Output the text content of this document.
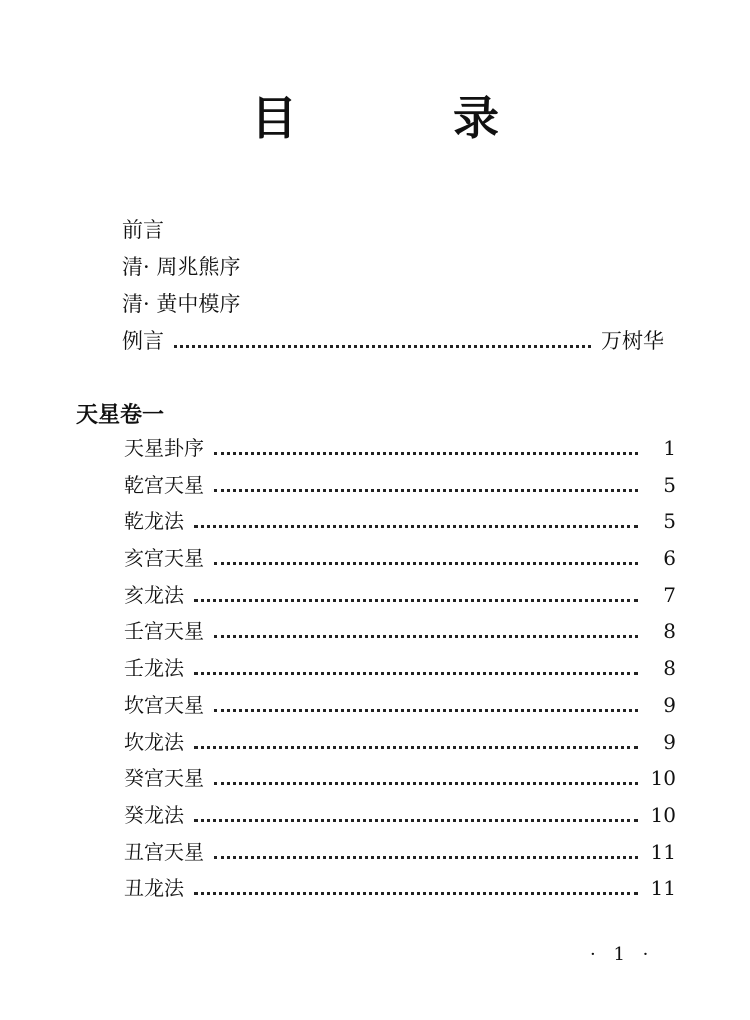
目 录
前言
清· 周兆熊序
清· 黄中模序
例言	万树华
天星卷一
天星卦序	1
乾宫天星	5
乾龙法	5
亥宫天星	6
亥龙法	7
壬宫天星	8
壬龙法	8
坎宫天星	9
坎龙法	9
癸宫天星	10
癸龙法	10
丑宫天星	11
丑龙法	11
· 1 ·
